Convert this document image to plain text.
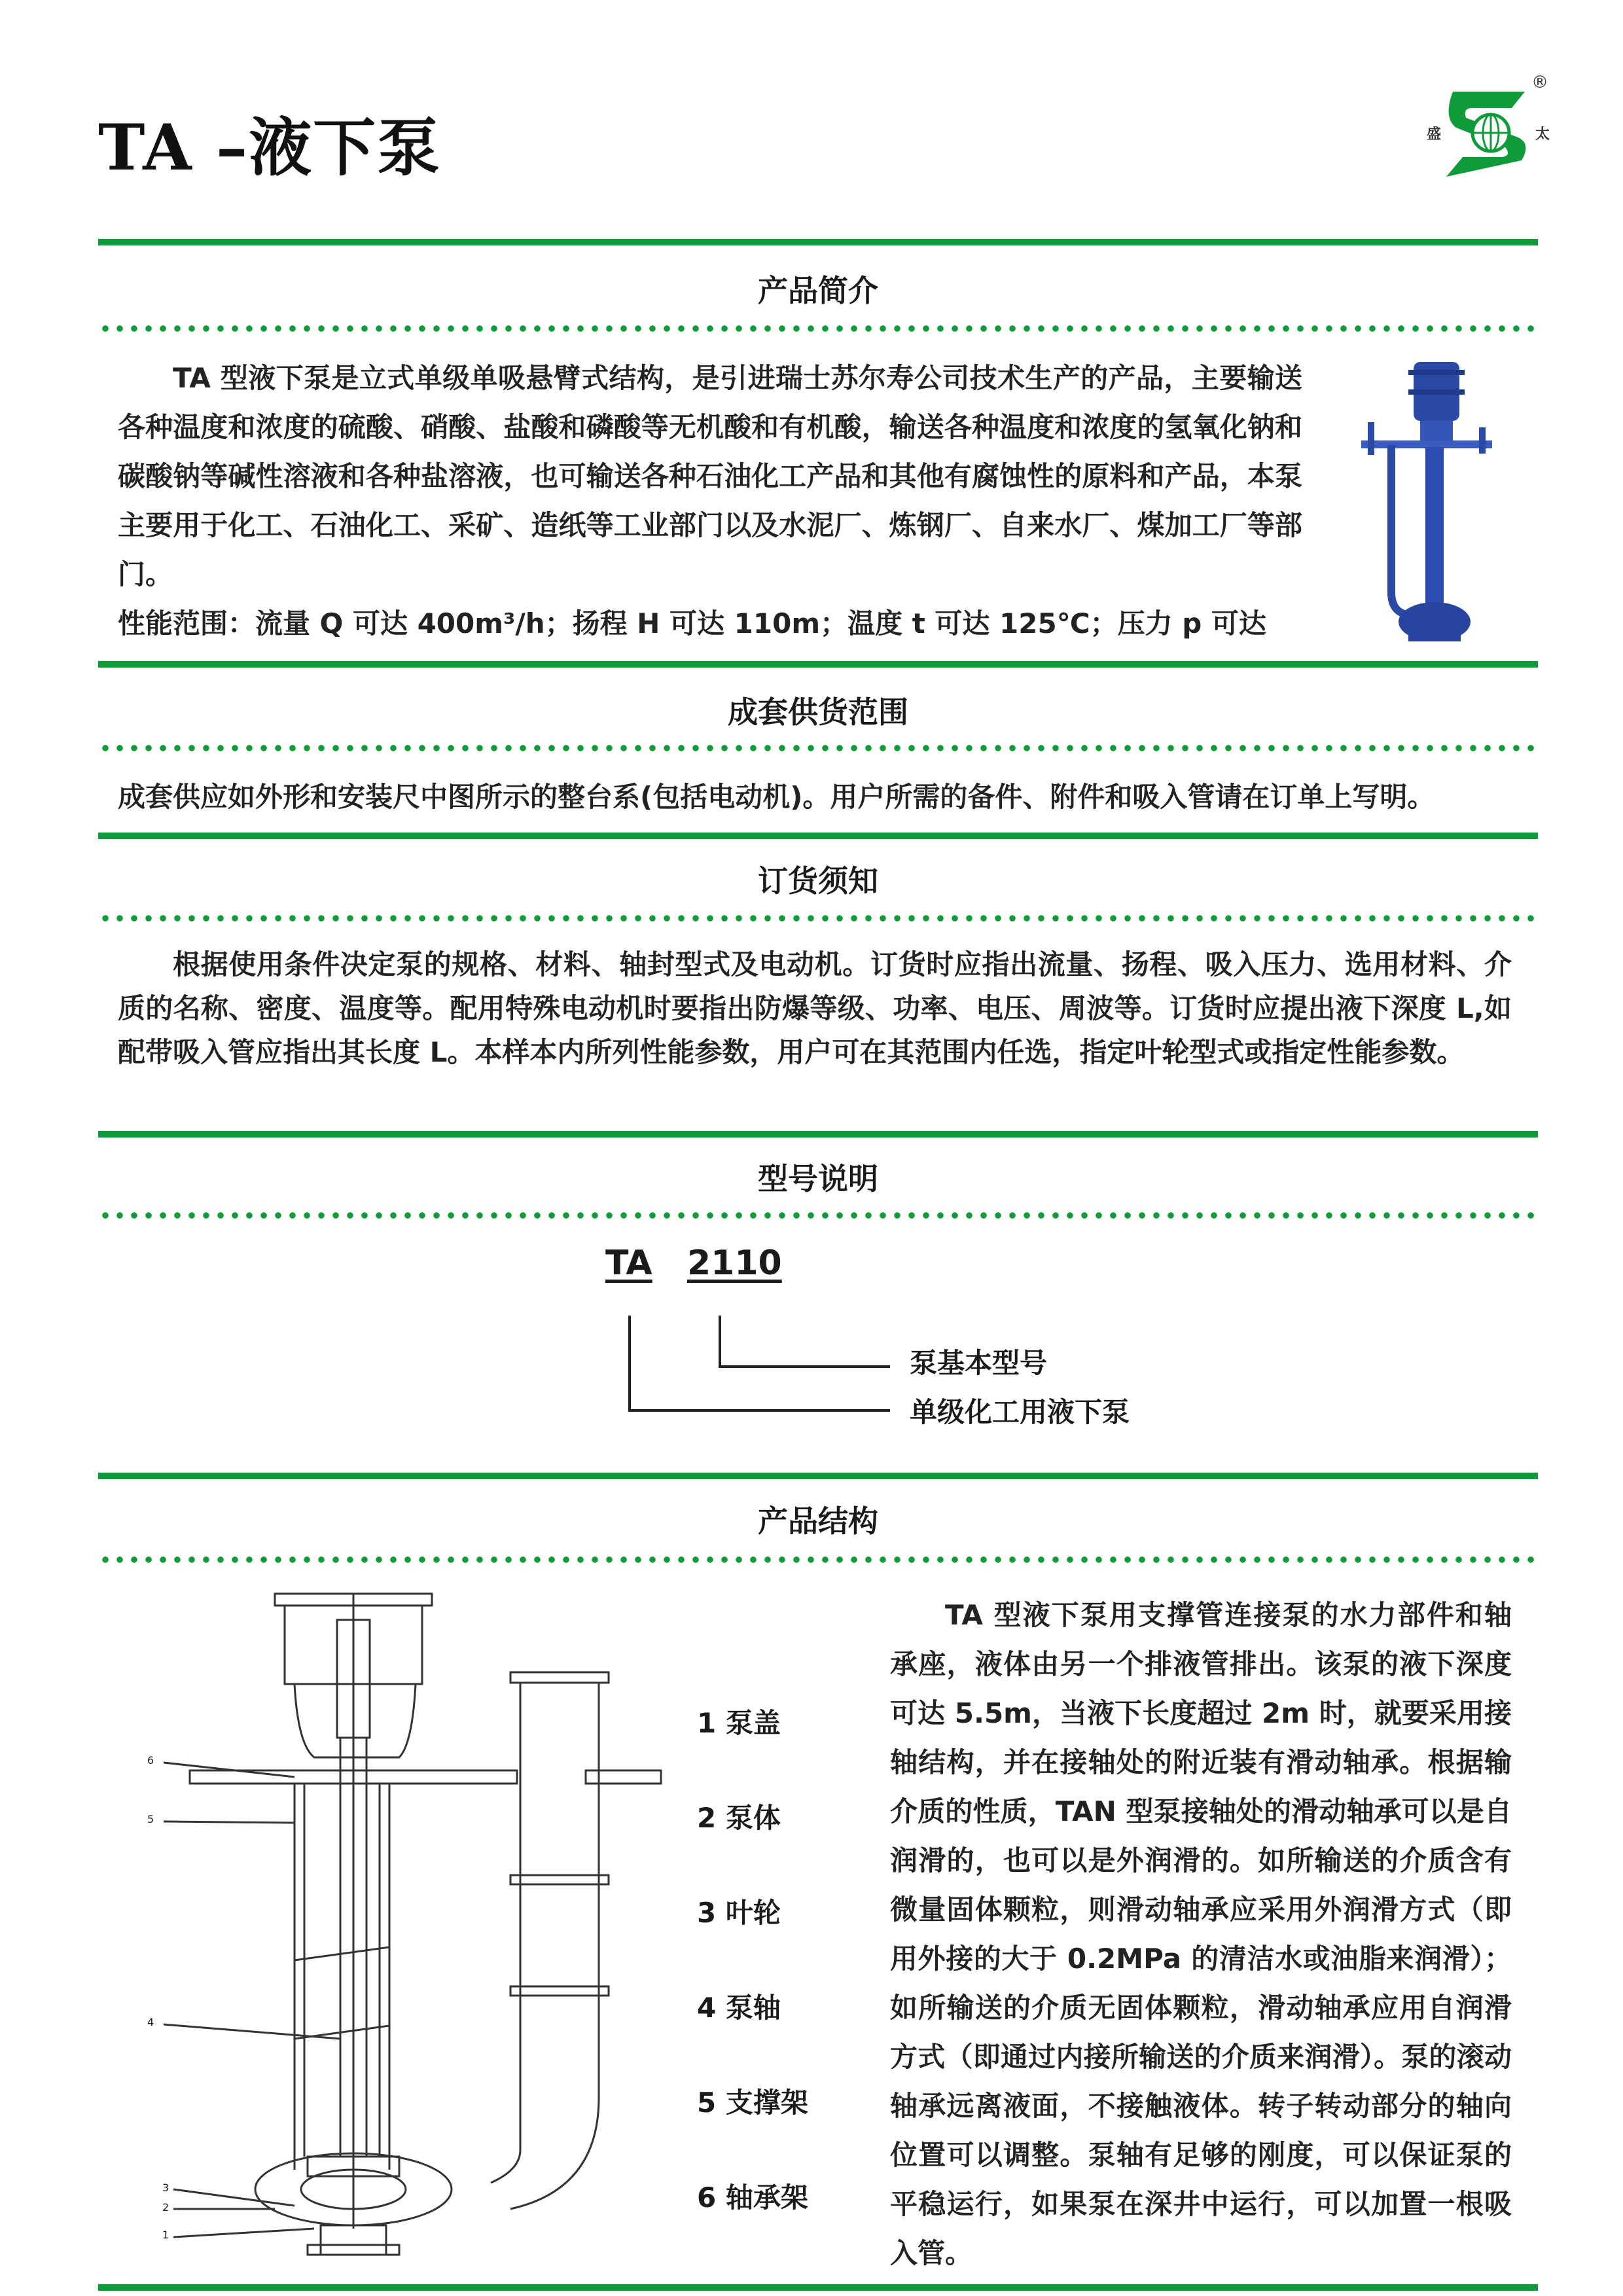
TA –液下泵	盛	太
®
产品简介

TA 型液下泵是立式单级单吸悬臂式结构，是引进瑞士苏尔寿公司技术生产的产品，主要输送各种温度和浓度的硫酸、硝酸、盐酸和磷酸等无机酸和有机酸，输送各种温度和浓度的氢氧化钠和碳酸钠等碱性溶液和各种盐溶液，也可输送各种石油化工产品和其他有腐蚀性的原料和产品，本泵主要用于化工、石油化工、采矿、造纸等工业部门以及水泥厂、炼钢厂、自来水厂、煤加工厂等部门。

性能范围：流量 Q 可达 400m³/h；扬程 H 可达 110m；温度 t 可达 125℃；压力 p 可达

成套供货范围

成套供应如外形和安装尺中图所示的整台系(包括电动机)。用户所需的备件、附件和吸入管请在订单上写明。

订货须知

根据使用条件决定泵的规格、材料、轴封型式及电动机。订货时应指出流量、扬程、吸入压力、选用材料、介质的名称、密度、温度等。配用特殊电动机时要指出防爆等级、功率、电压、周波等。订货时应提出液下深度 L,如配带吸入管应指出其长度 L。本样本内所列性能参数，用户可在其范围内任选，指定叶轮型式或指定性能参数。

型号说明
TA 2110
泵基本型号
单级化工用液下泵
产品结构
6
5
4
3
2
1
1 泵盖
2 泵体
3 叶轮
4 泵轴
5 支撑架
6 轴承架

TA 型液下泵用支撑管连接泵的水力部件和轴承座，液体由另一个排液管排出。该泵的液下深度可达 5.5m，当液下长度超过 2m 时，就要采用接轴结构，并在接轴处的附近装有滑动轴承。根据输介质的性质，TAN 型泵接轴处的滑动轴承可以是自润滑的，也可以是外润滑的。如所输送的介质含有微量固体颗粒，则滑动轴承应采用外润滑方式（即用外接的大于 0.2MPa 的清洁水或油脂来润滑）；如所输送的介质无固体颗粒，滑动轴承应用自润滑方式（即通过内接所输送的介质来润滑）。泵的滚动轴承远离液面，不接触液体。转子转动部分的轴向位置可以调整。泵轴有足够的刚度，可以保证泵的平稳运行，如果泵在深井中运行，可以加置一根吸入管。
